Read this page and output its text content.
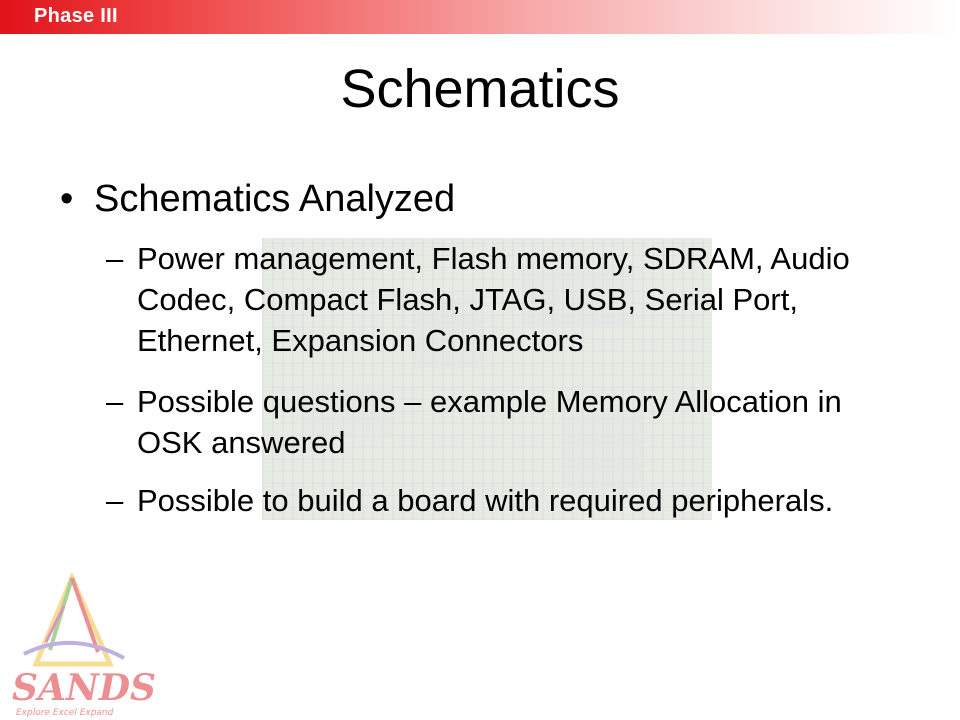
Phase III
Schematics
• Schematics Analyzed
– Power management, Flash memory, SDRAM, Audio Codec, Compact Flash, JTAG, USB, Serial Port, Ethernet, Expansion Connectors
– Possible questions – example Memory Allocation in OSK answered
– Possible to build a board with required peripherals.
SANDS
Explore Excel Expand
